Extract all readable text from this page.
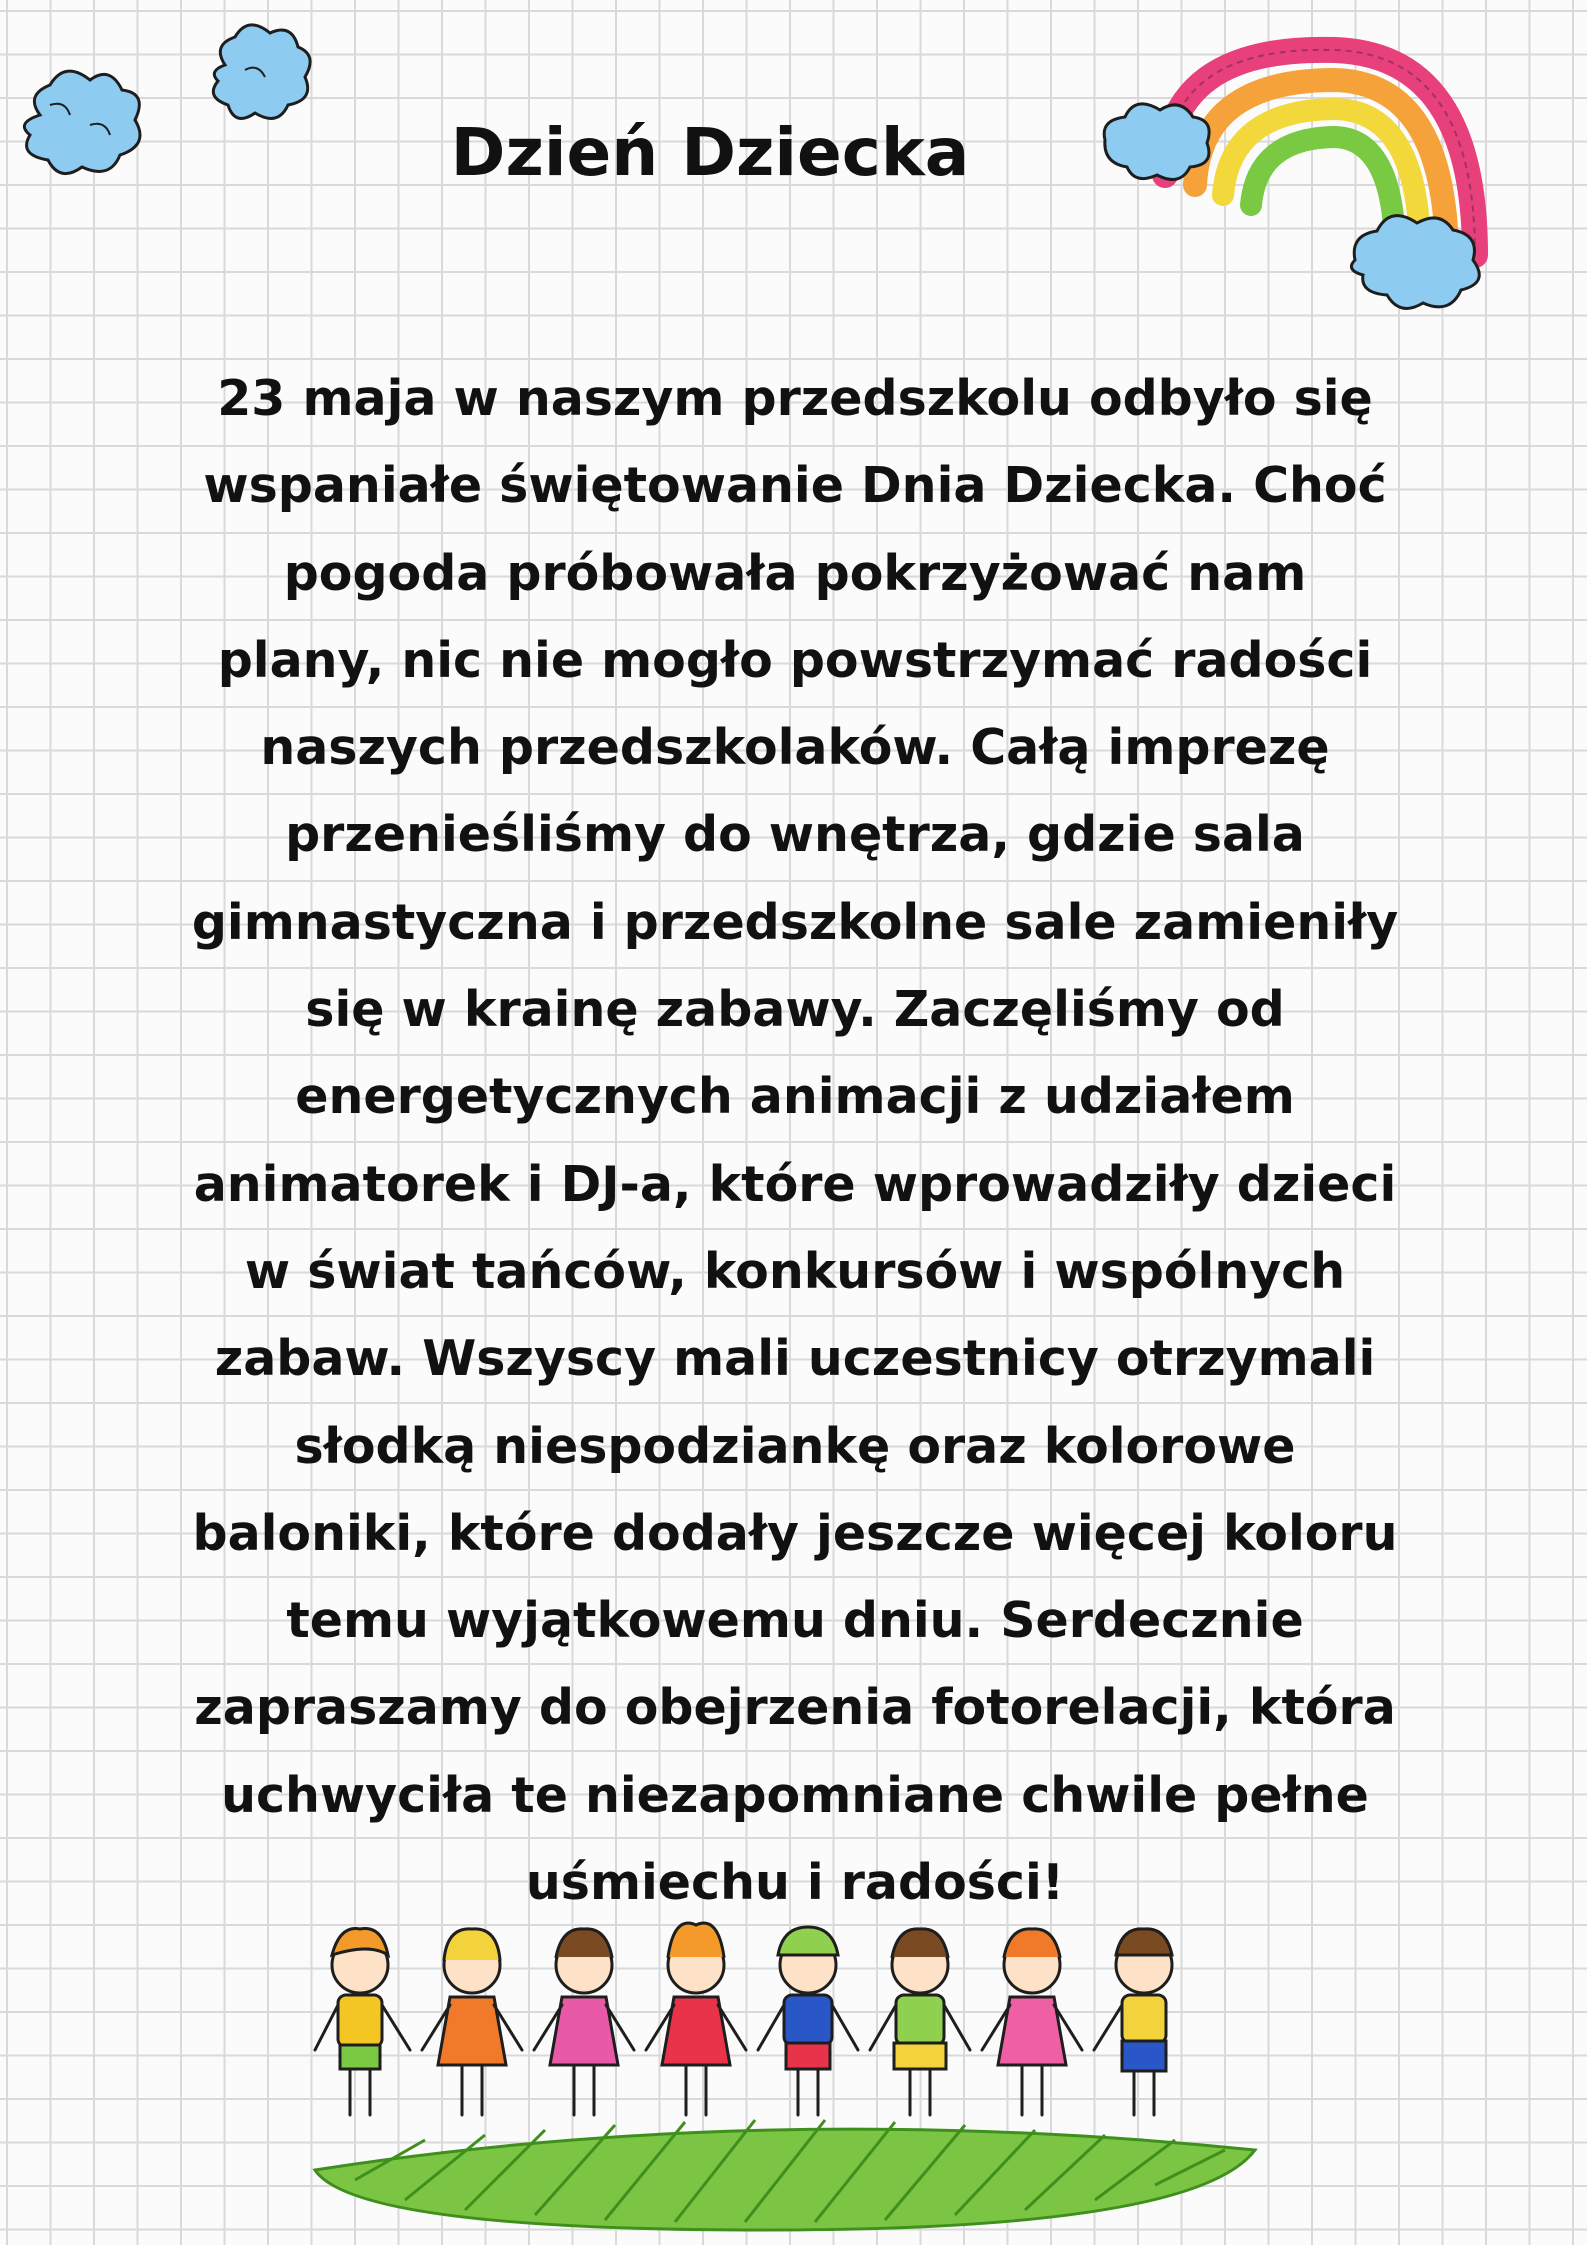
Dzień Dziecka
23 maja w naszym przedszkolu odbyło się
wspaniałe świętowanie Dnia Dziecka. Choć
pogoda próbowała pokrzyżować nam
plany, nic nie mogło powstrzymać radości
naszych przedszkolaków. Całą imprezę
przenieśliśmy do wnętrza, gdzie sala
gimnastyczna i przedszkolne sale zamieniły
się w krainę zabawy. Zaczęliśmy od
energetycznych animacji z udziałem
animatorek i DJ-a, które wprowadziły dzieci
w świat tańców, konkursów i wspólnych
zabaw. Wszyscy mali uczestnicy otrzymali
słodką niespodziankę oraz kolorowe
baloniki, które dodały jeszcze więcej koloru
temu wyjątkowemu dniu. Serdecznie
zapraszamy do obejrzenia fotorelacji, która
uchwyciła te niezapomniane chwile pełne
uśmiechu i radości!
